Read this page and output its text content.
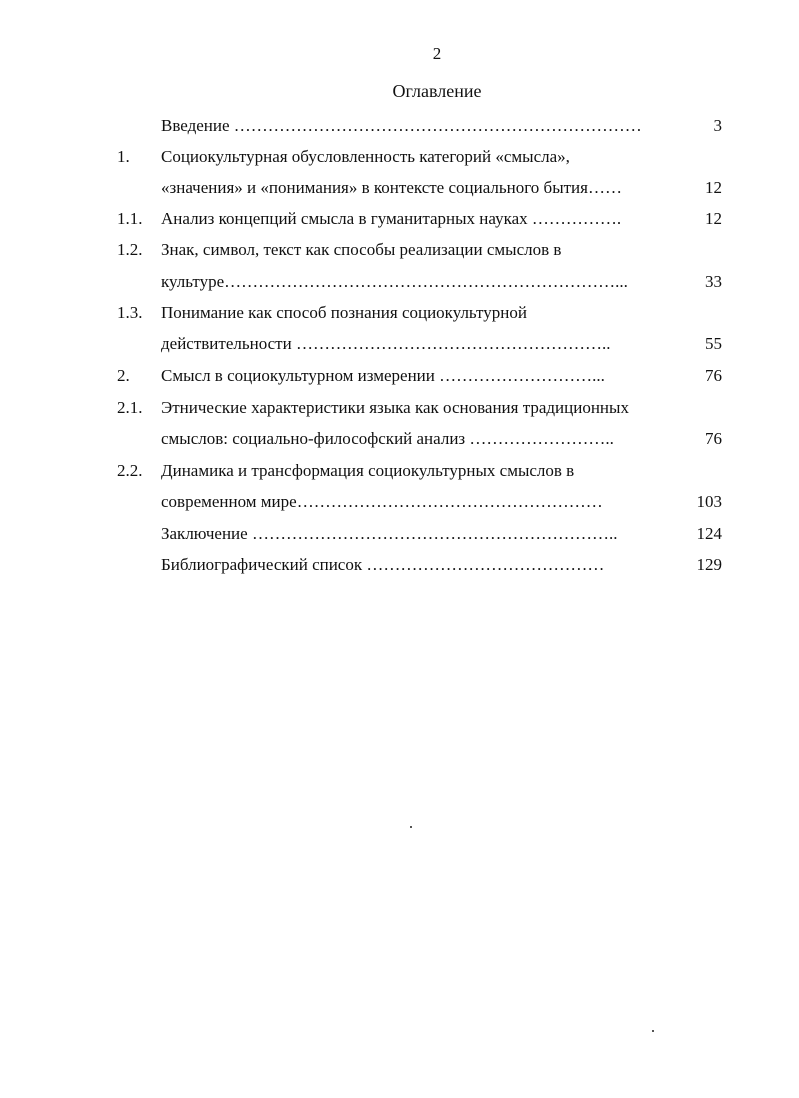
2
Оглавление
Введение ………………………………………………………………	3
1. Социокультурная обусловленность категорий «смысла»,
«значения» и «понимания» в контексте социального бытия……	12
1.1. Анализ концепций смысла в гуманитарных науках …………….	12
1.2. Знак, символ, текст как способы реализации смыслов в
культуре……………………………………………………………...	33
1.3. Понимание как способ познания социокультурной
действительности ………………………………………………..	55
2. Смысл в социокультурном измерении ………………………...	76
2.1. Этнические характеристики языка как основания традиционных
смыслов: социально-философский анализ ……………………..	76
2.2. Динамика и трансформация социокультурных смыслов в
современном мире………………………………………………	103
Заключение ………………………………………………………..	124
Библиографический список ……………………………………	129
